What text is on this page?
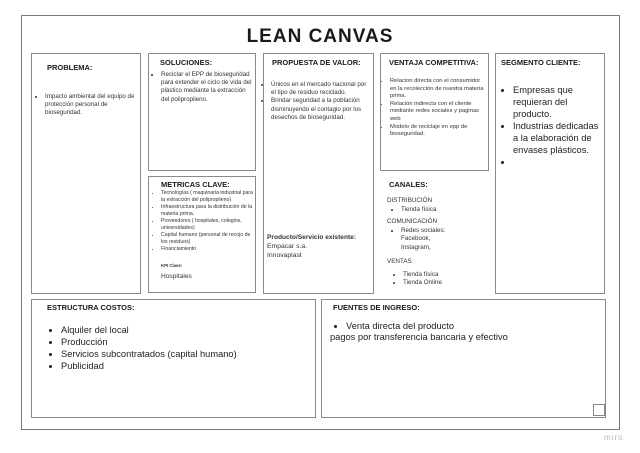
LEAN CANVAS
PROBLEMA:
• Impacto ambiental del equipo de protección personal de bioseguridad.
SOLUCIONES:
• Reciclar el EPP de bioseguridad para extender el ciclo de vida del plástico mediante la extracción del polipropileno.
METRICAS CLAVE:
• Tecnologías ( maquinaria industrial para la extracción del polipropileno)
• Infraestructura para la distribución de la materia prima.
• Proveedores ( hospitales, colegios, universidades)
• Capital humano (personal de recojo de los residuos)
• Financiamiento
KPI Clave:
Hospitales
PROPUESTA DE VALOR:
• Únicos en el mercado nacional por el tipo de residuo reciclado.
• Brindar seguridad a la población disminuyendo el contagio por los desechos de bioseguridad.
Producto/Servicio existente:
Empacar s.a.
Innovaplast
VENTAJA COMPETITIVA:
• Relacion directa con el consumidor en la recolección de nuestra materia prima.
• Relación indirecta con el cliente mediante redes sociales y paginas web
• Modelo de reciclaje en epp de bioseguridad.
CANALES:
DISTRIBUCIÓN
• Tienda física
COMUNICACIÓN
• Redes sociales: Facebook, Instagram,
VENTAS
• Tienda física
• Tienda Online
SEGMENTO CLIENTE:
• Empresas que requieran del producto.
• Industrias dedicadas a la elaboración de envases plásticos.
•
ESTRUCTURA COSTOS:
• Alquiler del local
• Producción
• Servicios subcontratados (capital humano)
• Publicidad
FUENTES DE INGRESO:
• Venta directa del producto
pagos por transferencia bancaria y efectivo
miro
